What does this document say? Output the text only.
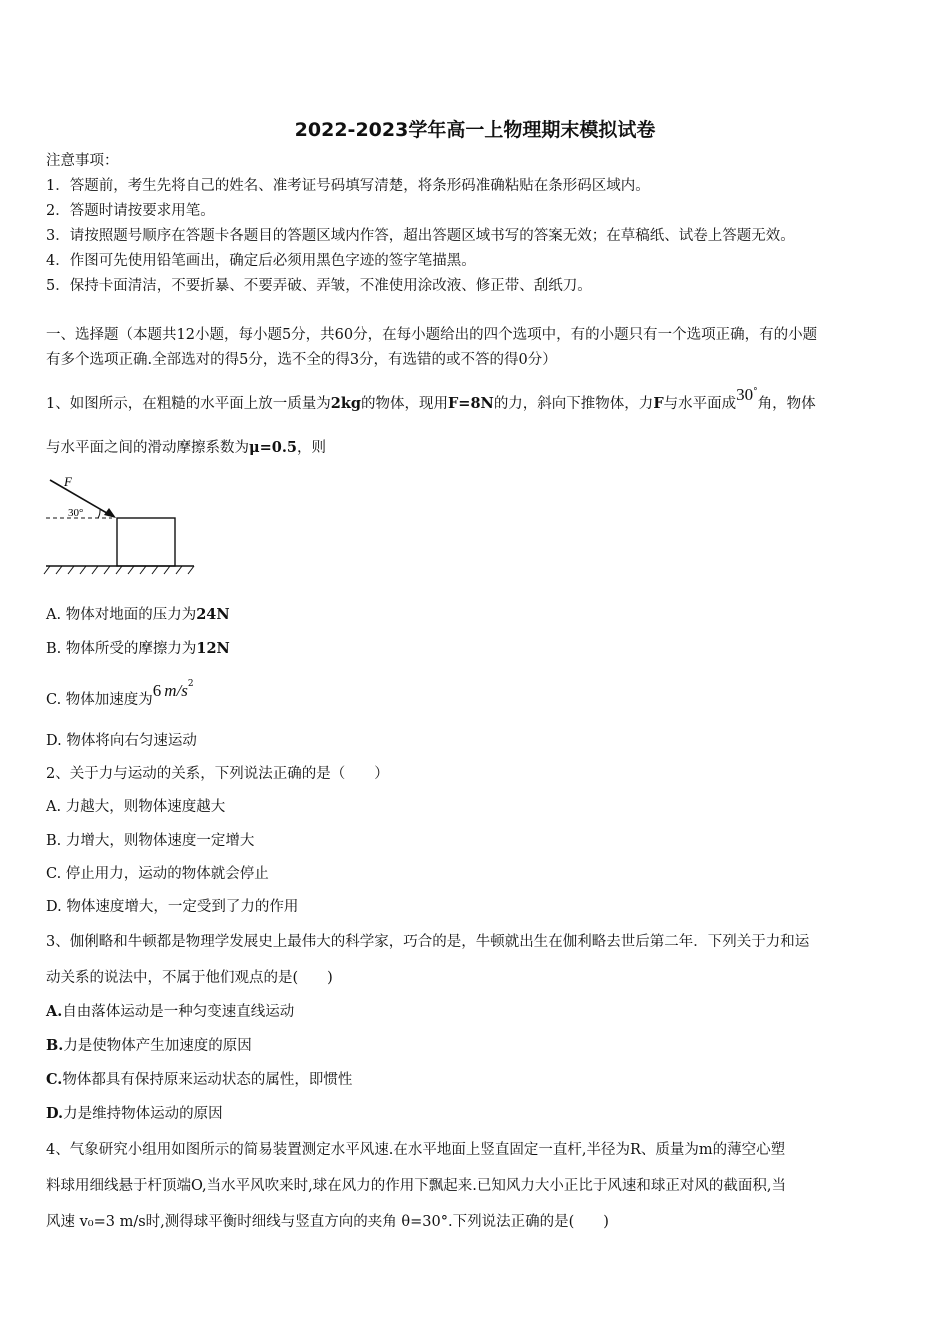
2022-2023学年高一上物理期末模拟试卷
注意事项：
1．答题前，考生先将自己的姓名、准考证号码填写清楚，将条形码准确粘贴在条形码区域内。
2．答题时请按要求用笔。
3．请按照题号顺序在答题卡各题目的答题区域内作答，超出答题区域书写的答案无效；在草稿纸、试卷上答题无效。
4．作图可先使用铅笔画出，确定后必须用黑色字迹的签字笔描黑。
5．保持卡面清洁，不要折暴、不要弄破、弄皱，不准使用涂改液、修正带、刮纸刀。
一、选择题（本题共12小题，每小题5分，共60分，在每小题给出的四个选项中，有的小题只有一个选项正确，有的小题
有多个选项正确.全部选对的得5分，选不全的得3分，有选错的或不答的得0分）
1、如图所示，在粗糙的水平面上放一质量为2kg的物体，现用F=8N的力，斜向下推物体，力F与水平面成30°角，物体
与水平面之间的滑动摩擦系数为μ=0.5，则
F
30°
A. 物体对地面的压力为24N
B. 物体所受的摩擦力为12N
C. 物体加速度为6 $m/s^2$
D. 物体将向右匀速运动
2、关于力与运动的关系，下列说法正确的是（　　）
A. 力越大，则物体速度越大
B. 力增大，则物体速度一定增大
C. 停止用力，运动的物体就会停止
D. 物体速度增大，一定受到了力的作用
3、伽俐略和牛顿都是物理学发展史上最伟大的科学家，巧合的是，牛顿就出生在伽利略去世后第二年．下列关于力和运
动关系的说法中，不属于他们观点的是(　　)
A.自由落体运动是一种匀变速直线运动
B.力是使物体产生加速度的原因
C.物体都具有保持原来运动状态的属性，即惯性
D.力是维持物体运动的原因
4、气象研究小组用如图所示的简易装置测定水平风速.在水平地面上竖直固定一直杆,半径为R、质量为m的薄空心塑
料球用细线悬于杆顶端O,当水平风吹来时,球在风力的作用下飘起来.已知风力大小正比于风速和球正对风的截面积,当
风速 v₀=3 m/s时,测得球平衡时细线与竖直方向的夹角 θ=30°.下列说法正确的是(　　)
